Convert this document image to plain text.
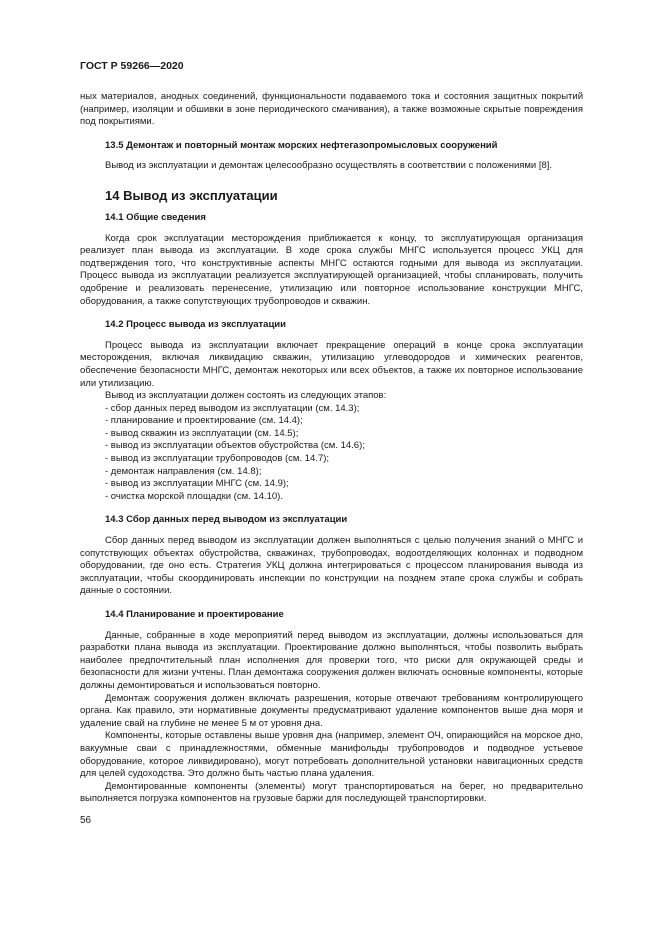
ГОСТ Р 59266—2020

ных материалов, анодных соединений, функциональности подаваемого тока и состояния защитных покрытий (например, изоляции и обшивки в зоне периодического смачивания), а также возможные скрытые повреждения под покрытиями.

13.5 Демонтаж и повторный монтаж морских нефтегазопромысловых сооружений

Вывод из эксплуатации и демонтаж целесообразно осуществлять в соответствии с положениями [8].

14 Вывод из эксплуатации
14.1 Общие сведения

Когда срок эксплуатации месторождения приближается к концу, то эксплуатирующая организация реализует план вывода из эксплуатации. В ходе срока службы МНГС используется процесс УКЦ для подтверждения того, что конструктивные аспекты МНГС остаются годными для вывода из эксплуатации. Процесс вывода из эксплуатации реализуется эксплуатирующей организацией, чтобы спланировать, получить одобрение и реализовать перенесение, утилизацию или повторное использование конструкции МНГС, оборудования, а также сопутствующих трубопроводов и скважин.

14.2 Процесс вывода из эксплуатации

Процесс вывода из эксплуатации включает прекращение операций в конце срока эксплуатации месторождения, включая ликвидацию скважин, утилизацию углеводородов и химических реагентов, обеспечение безопасности МНГС, демонтаж некоторых или всех объектов, а также их повторное использование или утилизацию.

Вывод из эксплуатации должен состоять из следующих этапов:

- сбор данных перед выводом из эксплуатации (см. 14.3);
- планирование и проектирование (см. 14.4);
- вывод скважин из эксплуатации (см. 14.5);
- вывод из эксплуатации объектов обустройства (см. 14.6);
- вывод из эксплуатации трубопроводов (см. 14.7);
- демонтаж направления (см. 14.8);
- вывод из эксплуатации МНГС (см. 14.9);
- очистка морской площадки (см. 14.10).
14.3 Сбор данных перед выводом из эксплуатации

Сбор данных перед выводом из эксплуатации должен выполняться с целью получения знаний о МНГС и сопутствующих объектах обустройства, скважинах, трубопроводах, водоотделяющих колоннах и подводном оборудовании, где оно есть. Стратегия УКЦ должна интегрироваться с процессом планирования вывода из эксплуатации, чтобы скоординировать инспекции по конструкции на позднем этапе срока службы и собрать данные о состоянии.

14.4 Планирование и проектирование

Данные, собранные в ходе мероприятий перед выводом из эксплуатации, должны использоваться для разработки плана вывода из эксплуатации. Проектирование должно выполняться, чтобы позволить выбрать наиболее предпочтительный план исполнения для проверки того, что риски для окружающей среды и безопасности для жизни учтены. План демонтажа сооружения должен включать основные компоненты, которые должны демонтироваться и использоваться повторно.

Демонтаж сооружения должен включать разрешения, которые отвечают требованиям контролирующего органа. Как правило, эти нормативные документы предусматривают удаление компонентов выше дна моря и удаление свай на глубине не менее 5 м от уровня дна.

Компоненты, которые оставлены выше уровня дна (например, элемент ОЧ, опирающийся на морское дно, вакуумные сваи с принадлежностями, обменные манифольды трубопроводов и подводное устьевое оборудование, которое ликвидировано), могут потребовать дополнительной установки навигационных средств для целей судоходства. Это должно быть частью плана удаления.

Демонтированные компоненты (элементы) могут транспортироваться на берег, но предварительно выполняется погрузка компонентов на грузовые баржи для последующей транспортировки.

56
